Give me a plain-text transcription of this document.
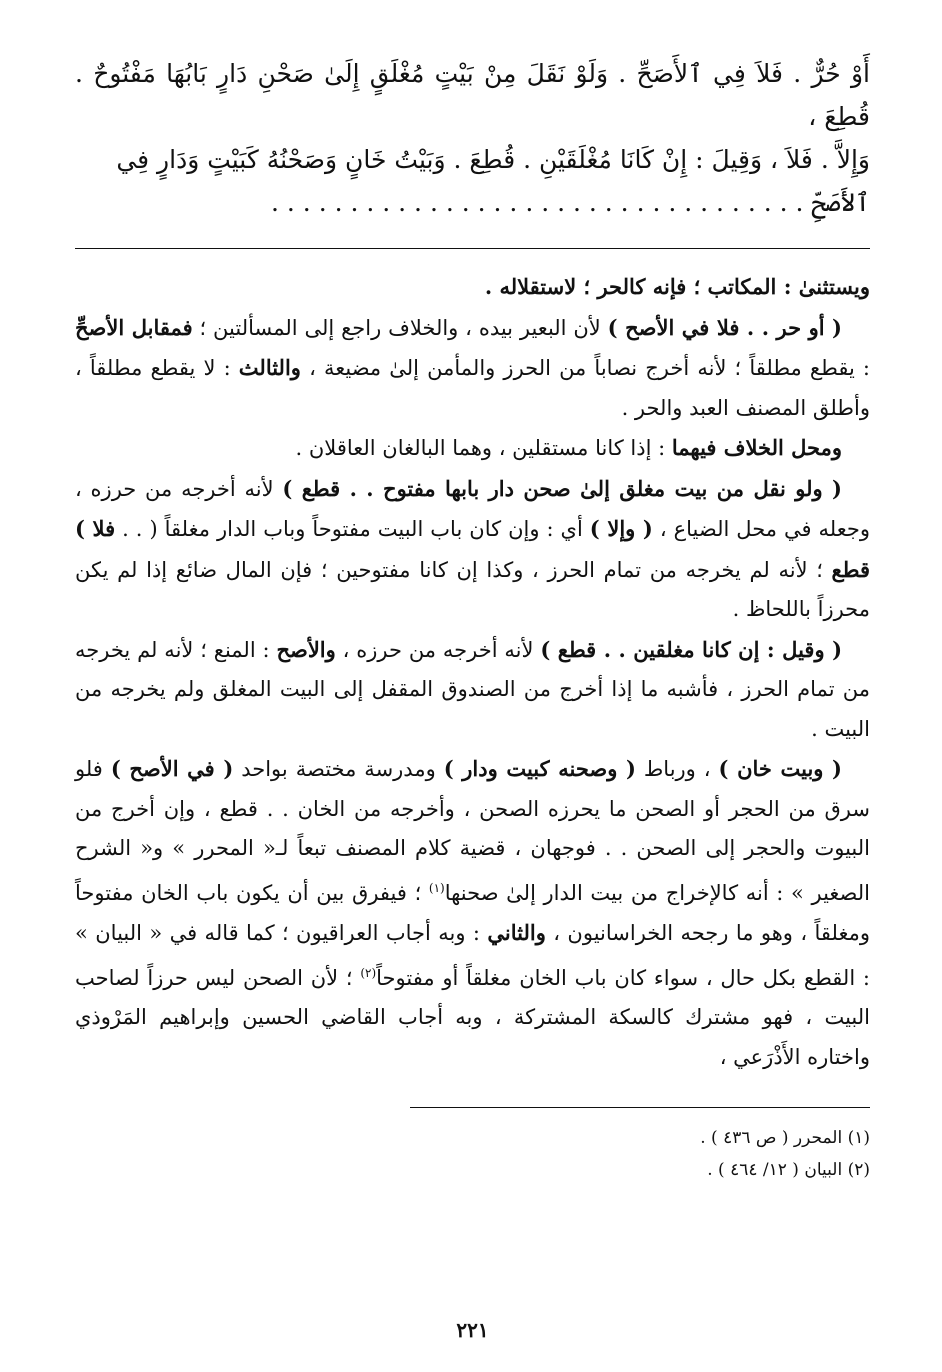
أَوْ حُرٌّ . فَلاَ فِي ٱلأَصَحِّ . وَلَوْ نَقَلَ مِنْ بَيْتٍ مُغْلَقٍ إِلَىٰ صَحْنِ دَارٍ بَابُهَا مَفْتُوحٌ . قُطِعَ ،

وَإِلاَّ . فَلاَ ، وَقِيلَ : إِنْ كَانَا مُغْلَقَيْنِ . قُطِعَ . وَبَيْتُ خَانٍ وَصَحْنُهُ كَبَيْتٍ وَدَارٍ فِي

ٱلأَصَحِّ . . . . . . . . . . . . . . . . . . . . . . . . . . . . . . . . . .

ويستثنىٰ : المكاتب ؛ فإنه كالحر ؛ لاستقلاله .

( أو حر . . فلا في الأصح ) لأن البعير بيده ، والخلاف راجع إلى المسألتين ؛ فمقابل الأصحِّ : يقطع مطلقاً ؛ لأنه أخرج نصاباً من الحرز والمأمن إلىٰ مضيعة ، والثالث : لا يقطع مطلقاً ، وأطلق المصنف العبد والحر .

ومحل الخلاف فيهما : إذا كانا مستقلين ، وهما البالغان العاقلان .

( ولو نقل من بيت مغلق إلىٰ صحن دار بابها مفتوح . . قطع ) لأنه أخرجه من حرزه ، وجعله في محل الضياع ، ( وإلا ) أي : وإن كان باب البيت مفتوحاً وباب الدار مغلقاً ( . . فلا ) قطع ؛ لأنه لم يخرجه من تمام الحرز ، وكذا إن كانا مفتوحين ؛ فإن المال ضائع إذا لم يكن محرزاً باللحاظ .

( وقيل : إن كانا مغلقين . . قطع ) لأنه أخرجه من حرزه ، والأصح : المنع ؛ لأنه لم يخرجه من تمام الحرز ، فأشبه ما إذا أخرج من الصندوق المقفل إلى البيت المغلق ولم يخرجه من البيت .

( وبيت خان ) ، ورباط ( وصحنه كبيت ودار ) ومدرسة مختصة بواحد ( في الأصح ) فلو سرق من الحجر أو الصحن ما يحرزه الصحن ، وأخرجه من الخان . . قطع ، وإن أخرج من البيوت والحجر إلى الصحن . . فوجهان ، قضية كلام المصنف تبعاً لـ« المحرر » و« الشرح الصغير » : أنه كالإخراج من بيت الدار إلىٰ صحنها$^{(١)}$ ؛ فيفرق بين أن يكون باب الخان مفتوحاً ومغلقاً ، وهو ما رجحه الخراسانيون ، والثاني : وبه أجاب العراقيون ؛ كما قاله في « البيان » : القطع بكل حال ، سواء كان باب الخان مغلقاً أو مفتوحاً$^{(٢)}$ ؛ لأن الصحن ليس حرزاً لصاحب البيت ، فهو مشترك كالسكة المشتركة ، وبه أجاب القاضي الحسين وإبراهيم المَرْوذي واختاره الأَذْرَعي ،

(١) المحرر ( ص ٤٣٦ ) .

(٢) البيان ( ١٢/ ٤٦٤ ) .

٢٢١
